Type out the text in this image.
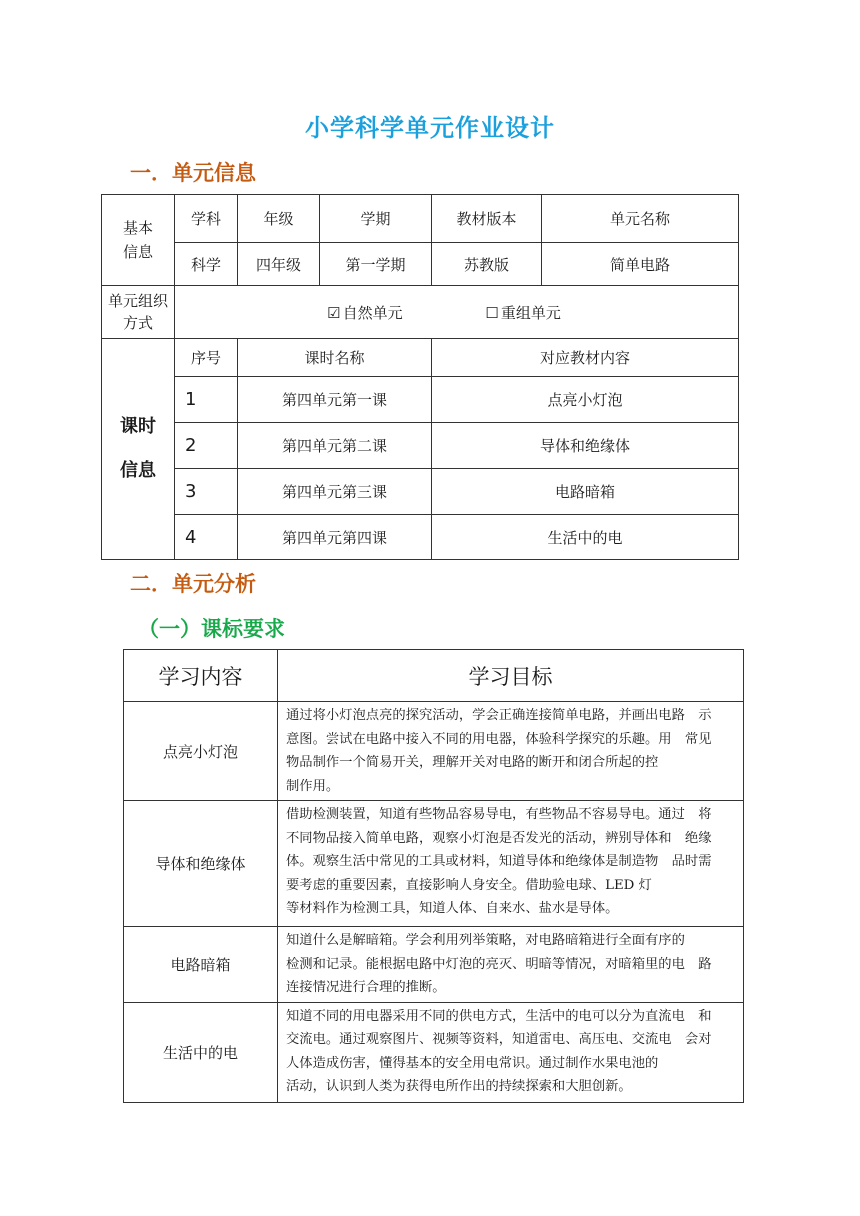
小学科学单元作业设计
一．单元信息
基本信息	学科	年级	学期	教材版本	单元名称
	科学	四年级	第一学期	苏教版	简单电路
单元组织方式	☑ 自然单元 ☐ 重组单元				
课时信息	序号	课时名称		对应教材内容	
	1	第四单元第一课		点亮小灯泡	
	2	第四单元第二课		导体和绝缘体	
	3	第四单元第三课		电路暗箱	
	4	第四单元第四课		生活中的电	
二．单元分析
（一）课标要求
学习内容	学习目标
点亮小灯泡	通过将小灯泡点亮的探究活动，学会正确连接简单电路，并画出电路　示
意图。尝试在电路中接入不同的用电器，体验科学探究的乐趣。用　常见
物品制作一个简易开关，理解开关对电路的断开和闭合所起的控
制作用。

导体和绝缘体	借助检测装置，知道有些物品容易导电，有些物品不容易导电。通过　将
不同物品接入简单电路，观察小灯泡是否发光的活动，辨别导体和　绝缘
体。观察生活中常见的工具或材料，知道导体和绝缘体是制造物　品时需
要考虑的重要因素，直接影响人身安全。借助验电球、LED 灯
等材料作为检测工具，知道人体、自来水、盐水是导体。

电路暗箱	知道什么是解暗箱。学会利用列举策略，对电路暗箱进行全面有序的
检测和记录。能根据电路中灯泡的亮灭、明暗等情况，对暗箱里的电　路
连接情况进行合理的推断。

生活中的电	知道不同的用电器采用不同的供电方式，生活中的电可以分为直流电　和
交流电。通过观察图片、视频等资料，知道雷电、高压电、交流电　会对
人体造成伤害，懂得基本的安全用电常识。通过制作水果电池的
活动，认识到人类为获得电所作出的持续探索和大胆创新。
